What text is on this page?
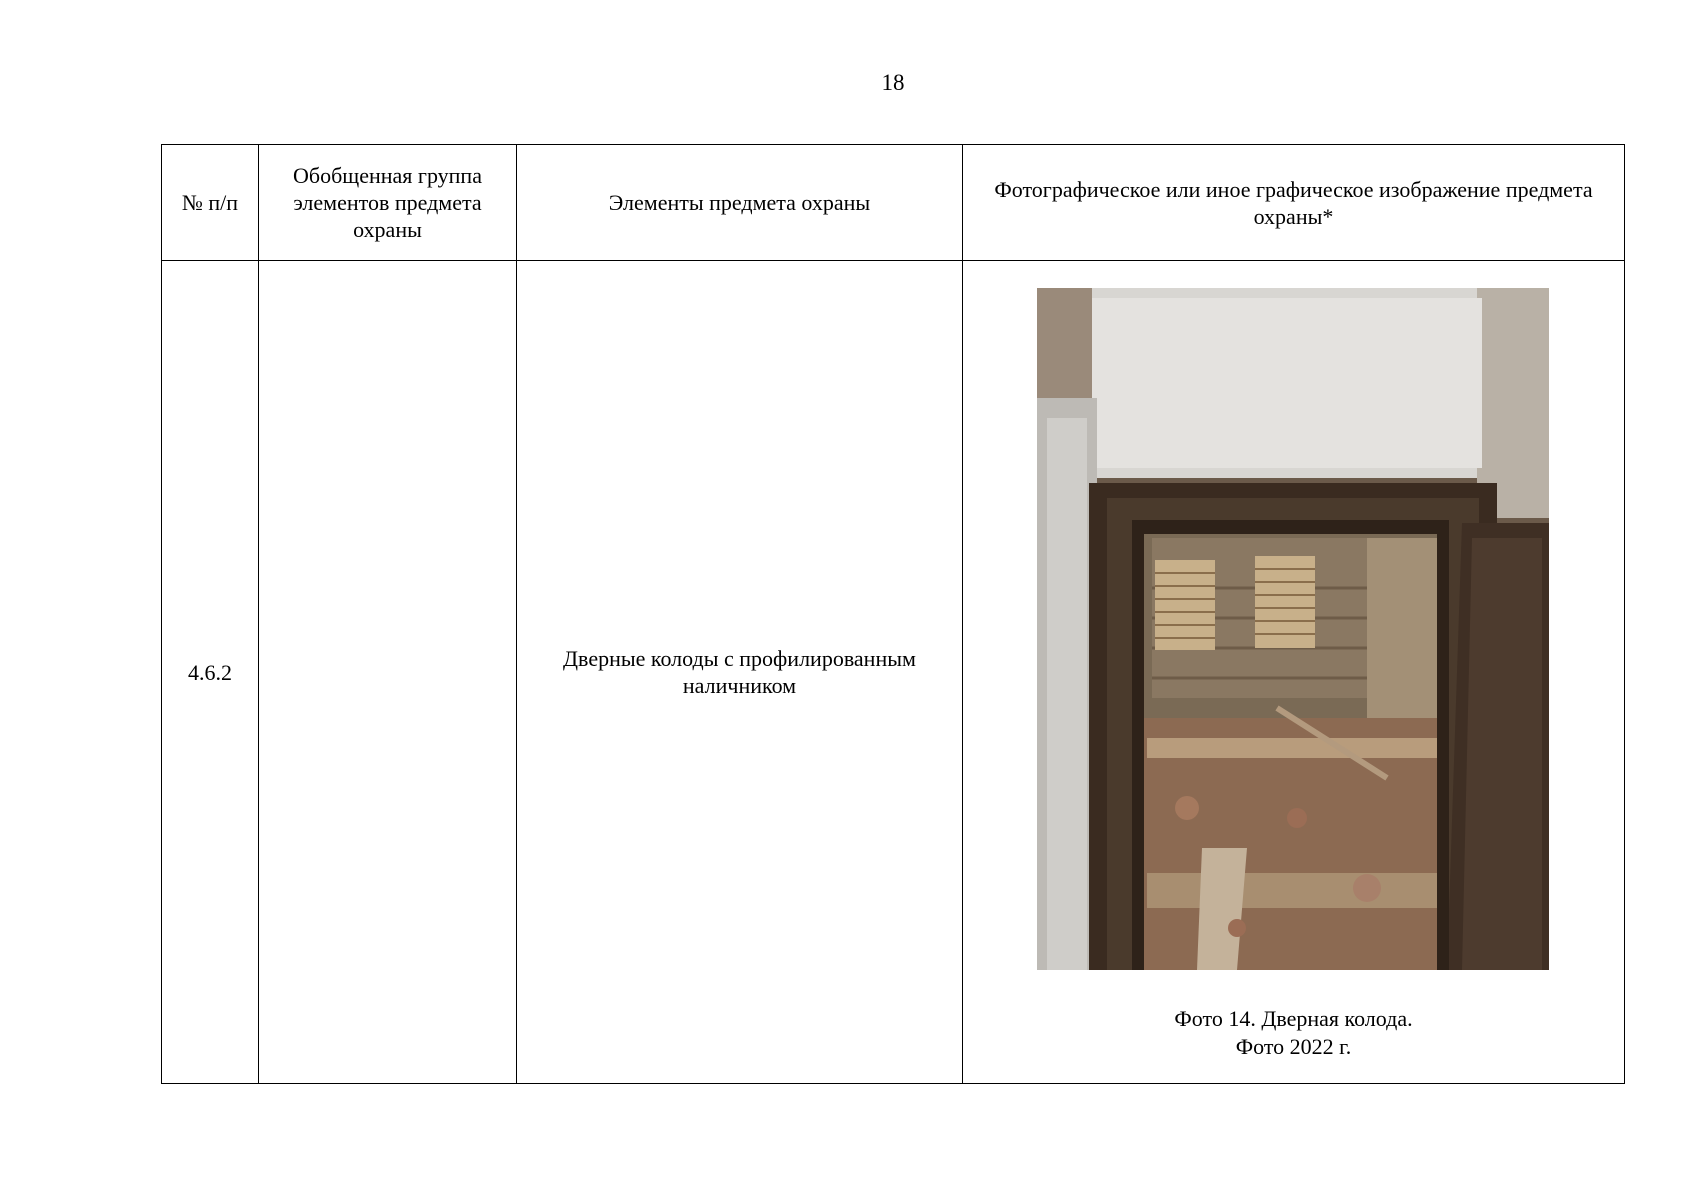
18
№ п/п	Обобщенная группа элементов предмета охраны	Элементы предмета охраны	Фотографическое или иное графическое изображение предмета охраны*
4.6.2		Дверные колоды с профилированным наличником	Фото 14. Дверная колода.
Фото 2022 г.
